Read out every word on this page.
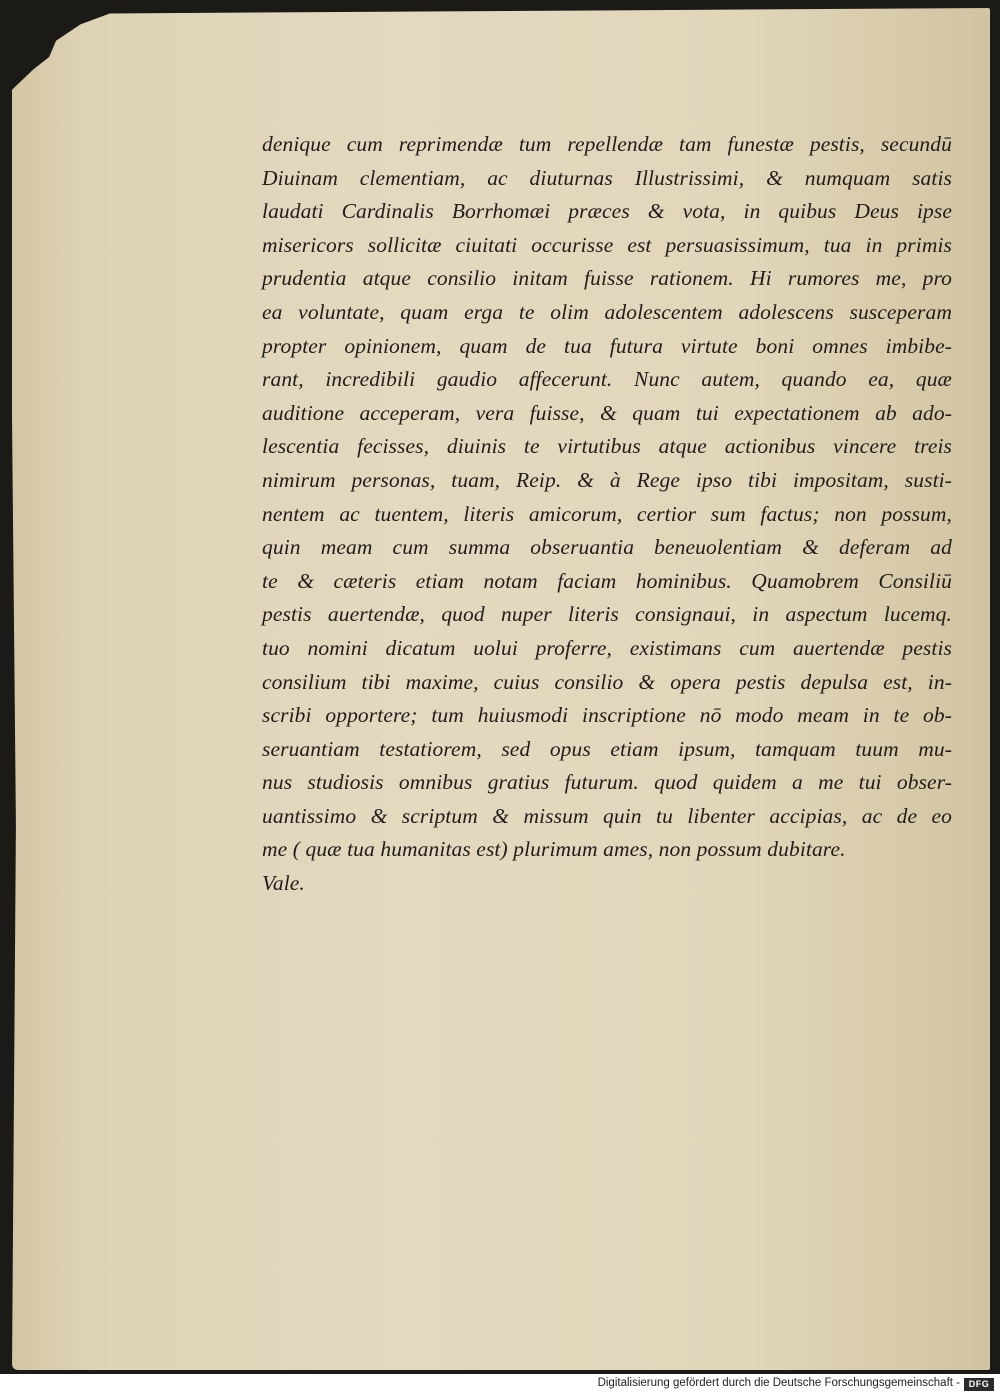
denique cum reprimendæ tum repellendæ tam funestæ pestis, secundū
Diuinam clementiam, ac diuturnas Illustrissimi, & numquam satis
laudati Cardinalis Borrhomæi præces & vota, in quibus Deus ipse
misericors sollicitæ ciuitati occurisse est persuasissimum, tua in primis
prudentia atque consilio initam fuisse rationem. Hi rumores me, pro
ea voluntate, quam erga te olim adolescentem adolescens susceperam
propter opinionem, quam de tua futura virtute boni omnes imbibe-
rant, incredibili gaudio affecerunt. Nunc autem, quando ea, quæ
auditione acceperam, vera fuisse, & quam tui expectationem ab ado-
lescentia fecisses, diuinis te virtutibus atque actionibus vincere treis
nimirum personas, tuam, Reip. & à Rege ipso tibi impositam, susti-
nentem ac tuentem, literis amicorum, certior sum factus; non possum,
quin meam cum summa obseruantia beneuolentiam & deferam ad
te & cæteris etiam notam faciam hominibus. Quamobrem Consiliū
pestis auertendæ, quod nuper literis consignaui, in aspectum lucemq.
tuo nomini dicatum uolui proferre, existimans cum auertendæ pestis
consilium tibi maxime, cuius consilio & opera pestis depulsa est, in-
scribi opportere; tum huiusmodi inscriptione nō modo meam in te ob-
seruantiam testatiorem, sed opus etiam ipsum, tamquam tuum mu-
nus studiosis omnibus gratius futurum. quod quidem a me tui obser-
uantissimo & scriptum & missum quin tu libenter accipias, ac de eo
me ( quæ tua humanitas est) plurimum ames, non possum dubitare.
Vale.
Digitalisierung gefördert durch die Deutsche Forschungsgemeinschaft - DFG
